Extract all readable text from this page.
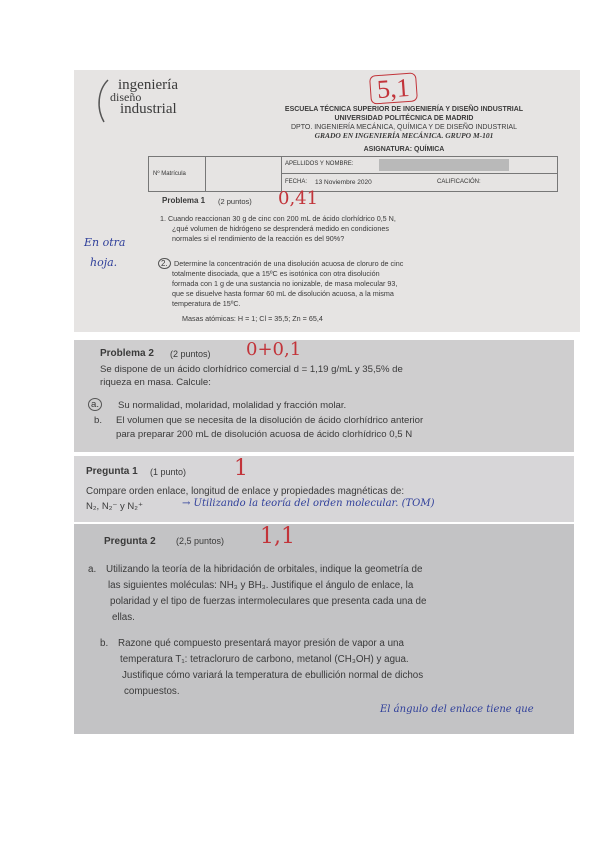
ingeniería
diseño
industrial
5,1
ESCUELA TÉCNICA SUPERIOR DE INGENIERÍA Y DISEÑO INDUSTRIAL
UNIVERSIDAD POLITÉCNICA DE MADRID
DPTO. INGENIERÍA MECÁNICA, QUÍMICA Y DE DISEÑO INDUSTRIAL
GRADO EN INGENIERÍA MECÁNICA. GRUPO M-101
ASIGNATURA: QUÍMICA
Nº Matrícula
APELLIDOS Y NOMBRE:
FECHA: 13 Noviembre 2020	CALIFICACIÓN:
Problema 1 (2 puntos) 0,41
1. Cuando reaccionan 30 g de cinc con 200 mL de ácido clorhídrico 0,5 N,
¿qué volumen de hidrógeno se desprenderá medido en condiciones
normales si el rendimiento de la reacción es del 90%?
En otra
hoja.	2. Determine la concentración de una disolución acuosa de cloruro de cinc
totalmente disociada, que a 15ºC es isotónica con otra disolución
formada con 1 g de una sustancia no ionizable, de masa molecular 93,
que se disuelve hasta formar 60 mL de disolución acuosa, a la misma
temperatura de 15ºC.
Masas atómicas: H = 1; Cl = 35,5; Zn = 65,4
Problema 2 (2 puntos) 0+0,1
Se dispone de un ácido clorhídrico comercial d = 1,19 g/mL y 35,5% de
riqueza en masa. Calcule:
a.	Su normalidad, molaridad, molalidad y fracción molar.
b. El volumen que se necesita de la disolución de ácido clorhídrico anterior
para preparar 200 mL de disolución acuosa de ácido clorhídrico 0,5 N
Pregunta 1 (1 punto) 1
Compare orden enlace, longitud de enlace y propiedades magnéticas de:
N₂, N₂⁻ y N₂⁺	→ Utilizando la teoría del orden molecular. (TOM)
Pregunta 2 (2,5 puntos) 1,1
a. Utilizando la teoría de la hibridación de orbitales, indique la geometría de
las siguientes moléculas: NH₃ y BH₃. Justifique el ángulo de enlace, la
polaridad y el tipo de fuerzas intermoleculares que presenta cada una de
ellas.
b. Razone qué compuesto presentará mayor presión de vapor a una
temperatura T₁: tetracloruro de carbono, metanol (CH₃OH) y agua.
Justifique cómo variará la temperatura de ebullición normal de dichos
compuestos.
El ángulo del enlace tiene que
